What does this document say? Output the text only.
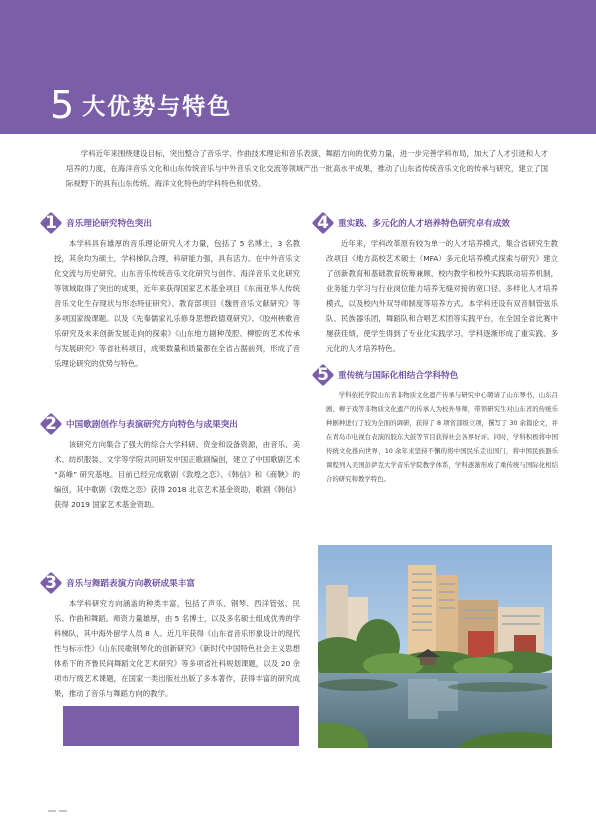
5 大优势与特色

学科近年来围绕建设目标，突出整合了音乐学、作曲技术理论和音乐表演、舞蹈方向的优势力量，进一步完善学科布局，加大了人才引进和人才培养的力度，在海洋音乐文化和山东传统音乐与中外音乐文化交流等领域产出一批高水平成果，推动了山东省传统音乐文化的传承与研究，建立了国际视野下的具有山东传统、海洋文化特色的学科特色和优势。

1	音乐理论研究特色突出

本学科具有雄厚的音乐理论研究人才力量，包括了 5 名博士，3 名教授，其余均为硕士，学科梯队合理，科研能力强，具有活力。在中外音乐文化交流与历史研究、山东音乐传统音乐文化研究与创作、海洋音乐文化研究等领域取得了突出的成果，近年来获得国家艺术基金项目《东南亚华人传统音乐文化生存现状与形态特征研究》、教育部项目《魏晋音乐文献研究》等多项国家级课题。以及《先秦儒家礼乐修身思想政德观研究》、《胶州秧歌音乐研究及未来创新发展走向的探索》《山东地方剧种茂腔、柳腔的艺术传承与发展研究》等省社科项目，成果数量和质量都在全省占据前列，形成了音乐理论研究的优势与特色。

2	中国歌剧创作与表演研究方向特色与成果突出

该研究方向集合了强大的综合大学科研、资金和设备资源，由音乐、美术、纺织服装、文学等学院共同研发中国正歌剧编创，建立了中国歌剧艺术 “高峰” 研究基地。目前已经完成歌剧《敦煌之恋》、《韩信》和《商鞅》的编创，其中歌剧《敦煌之恋》获得 2018 北京艺术基金资助，歌剧《韩信》获得 2019 国家艺术基金资助。

3	音乐与舞蹈表演方向教研成果丰富

本学科研究方向涵盖的种类丰富，包括了声乐、钢琴、西洋管弦、民乐、作曲和舞蹈。师资力量雄厚，由 5 名博士，以及多名硕士组成优秀的学科梯队，其中海外留学人员 8 人。近几年获得《山东省音乐形象设计的现代性与标示性》《山东民歌钢琴化的创新研究》《新时代中国特色社会主义思想体系下的齐鲁民间舞蹈文化艺术研究》等多项省社科规划课题，以及 20 余项市厅级艺术课题，在国家一类出版社出版了多本著作，获得丰富的研究成果，推动了音乐与舞蹈方向的教学。

4	重实践、多元化的人才培养特色研究卓有成效

近年来，学科改革原有较为单一的人才培养模式，集合省研究生教改项目《地方高校艺术硕士（MFA）多元化培养模式探索与研究》建立了创新教育和基础教育统筹兼顾、校内教学和校外实践联动培养机制，业务能力学习与行业岗位能力培养无缝对接的宽口径、多样化人才培养模式，以及校内外双导师制度等培养方式。本学科还设有双音制管弦乐队、民族器乐团，舞蹈队和合唱艺术团等实践平台，在全国全省比赛中屡获佳绩，使学生得到了专业化实践学习，学科逐渐形成了重实践、多元化的人才培养特色。

5	重传统与国际化相结合学科特色

学科依托学院山东省非物质文化遗产传承与研究中心聘请了山东琴书、山东吕剧、柳子戏等非物质文化遗产的传承人为校外导师，带领研究生对山东省的传统乐种剧种进行了较为全面的调研，获得了 8 项省部级立项，撰写了 30 余篇论文，并在青岛市电视台表演的胶东大鼓等节目获得社会各界好评。同时，学科积极将中国传统文化推向世界，10 余年来坚持不懈的将中国民乐走出国门，将中国民族器乐课程列入美国彭萨克大学音乐学院教学体系，学科逐渐形成了重传统与国际化相结合的研究和教学特色。
